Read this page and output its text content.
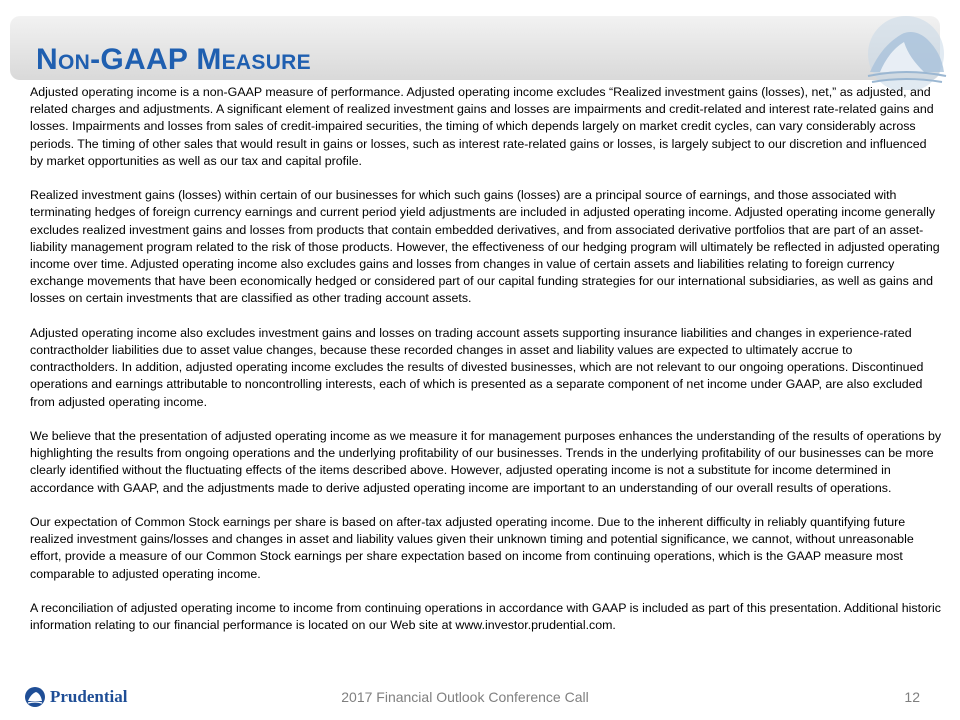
Non-GAAP Measure

Adjusted operating income is a non-GAAP measure of performance. Adjusted operating income excludes “Realized investment gains (losses), net,” as adjusted, and related charges and adjustments. A significant element of realized investment gains and losses are impairments and credit-related and interest rate-related gains and losses. Impairments and losses from sales of credit-impaired securities, the timing of which depends largely on market credit cycles, can vary considerably across periods. The timing of other sales that would result in gains or losses, such as interest rate-related gains or losses, is largely subject to our discretion and influenced by market opportunities as well as our tax and capital profile.

Realized investment gains (losses) within certain of our businesses for which such gains (losses) are a principal source of earnings, and those associated with terminating hedges of foreign currency earnings and current period yield adjustments are included in adjusted operating income. Adjusted operating income generally excludes realized investment gains and losses from products that contain embedded derivatives, and from associated derivative portfolios that are part of an asset-liability management program related to the risk of those products. However, the effectiveness of our hedging program will ultimately be reflected in adjusted operating income over time. Adjusted operating income also excludes gains and losses from changes in value of certain assets and liabilities relating to foreign currency exchange movements that have been economically hedged or considered part of our capital funding strategies for our international subsidiaries, as well as gains and losses on certain investments that are classified as other trading account assets.

Adjusted operating income also excludes investment gains and losses on trading account assets supporting insurance liabilities and changes in experience-rated contractholder liabilities due to asset value changes, because these recorded changes in asset and liability values are expected to ultimately accrue to contractholders. In addition, adjusted operating income excludes the results of divested businesses, which are not relevant to our ongoing operations. Discontinued operations and earnings attributable to noncontrolling interests, each of which is presented as a separate component of net income under GAAP, are also excluded from adjusted operating income.

We believe that the presentation of adjusted operating income as we measure it for management purposes enhances the understanding of the results of operations by highlighting the results from ongoing operations and the underlying profitability of our businesses. Trends in the underlying profitability of our businesses can be more clearly identified without the fluctuating effects of the items described above. However, adjusted operating income is not a substitute for income determined in accordance with GAAP, and the adjustments made to derive adjusted operating income are important to an understanding of our overall results of operations.

Our expectation of Common Stock earnings per share is based on after-tax adjusted operating income. Due to the inherent difficulty in reliably quantifying future realized investment gains/losses and changes in asset and liability values given their unknown timing and potential significance, we cannot, without unreasonable effort, provide a measure of our Common Stock earnings per share expectation based on income from continuing operations, which is the GAAP measure most comparable to adjusted operating income.

A reconciliation of adjusted operating income to income from continuing operations in accordance with GAAP is included as part of this presentation. Additional historic information relating to our financial performance is located on our Web site at www.investor.prudential.com.

Prudential	2017 Financial Outlook Conference Call	12
